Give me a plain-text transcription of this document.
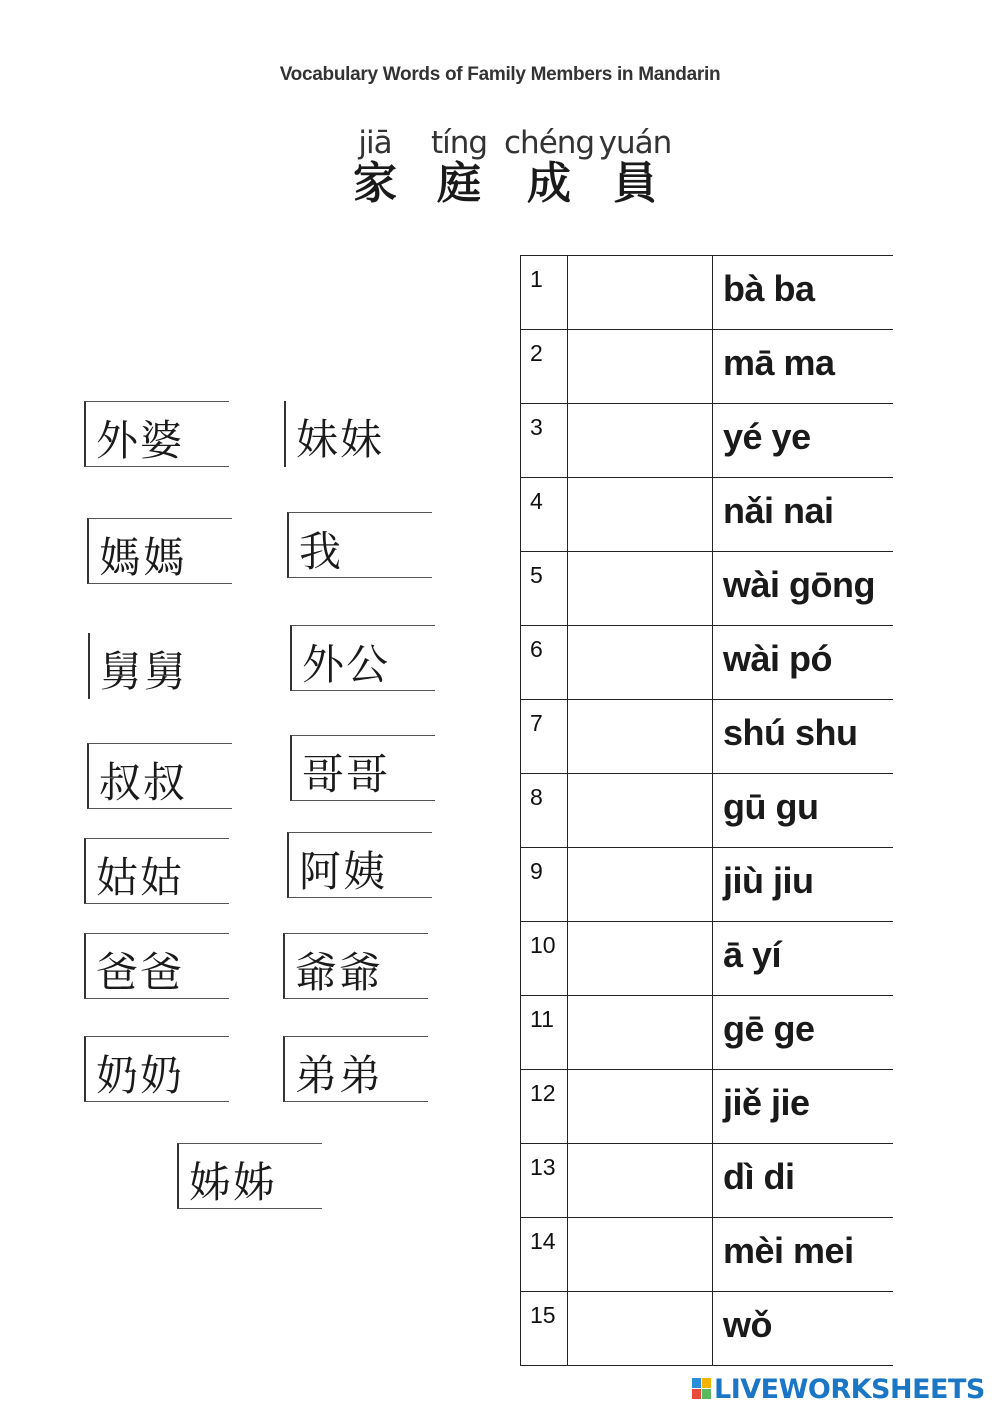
Vocabulary Words of Family Members in Mandarin
jiā
家
tíng
庭
chéng
成
yuán
員
外婆	妹妹
媽媽	我
舅舅	外公
叔叔	哥哥
姑姑	阿姨
爸爸	爺爺
奶奶	弟弟
姊姊
1	bà ba
2	mā ma
3	yé ye
4	nǎi nai
5	wài gōng
6	wài pó
7	shú shu
8	gū gu
9	jiù jiu
10	ā yí
11	gē ge
12	jiě jie
13	dì di
14	mèi mei
15	wǒ
LIVEWORKSHEETS
